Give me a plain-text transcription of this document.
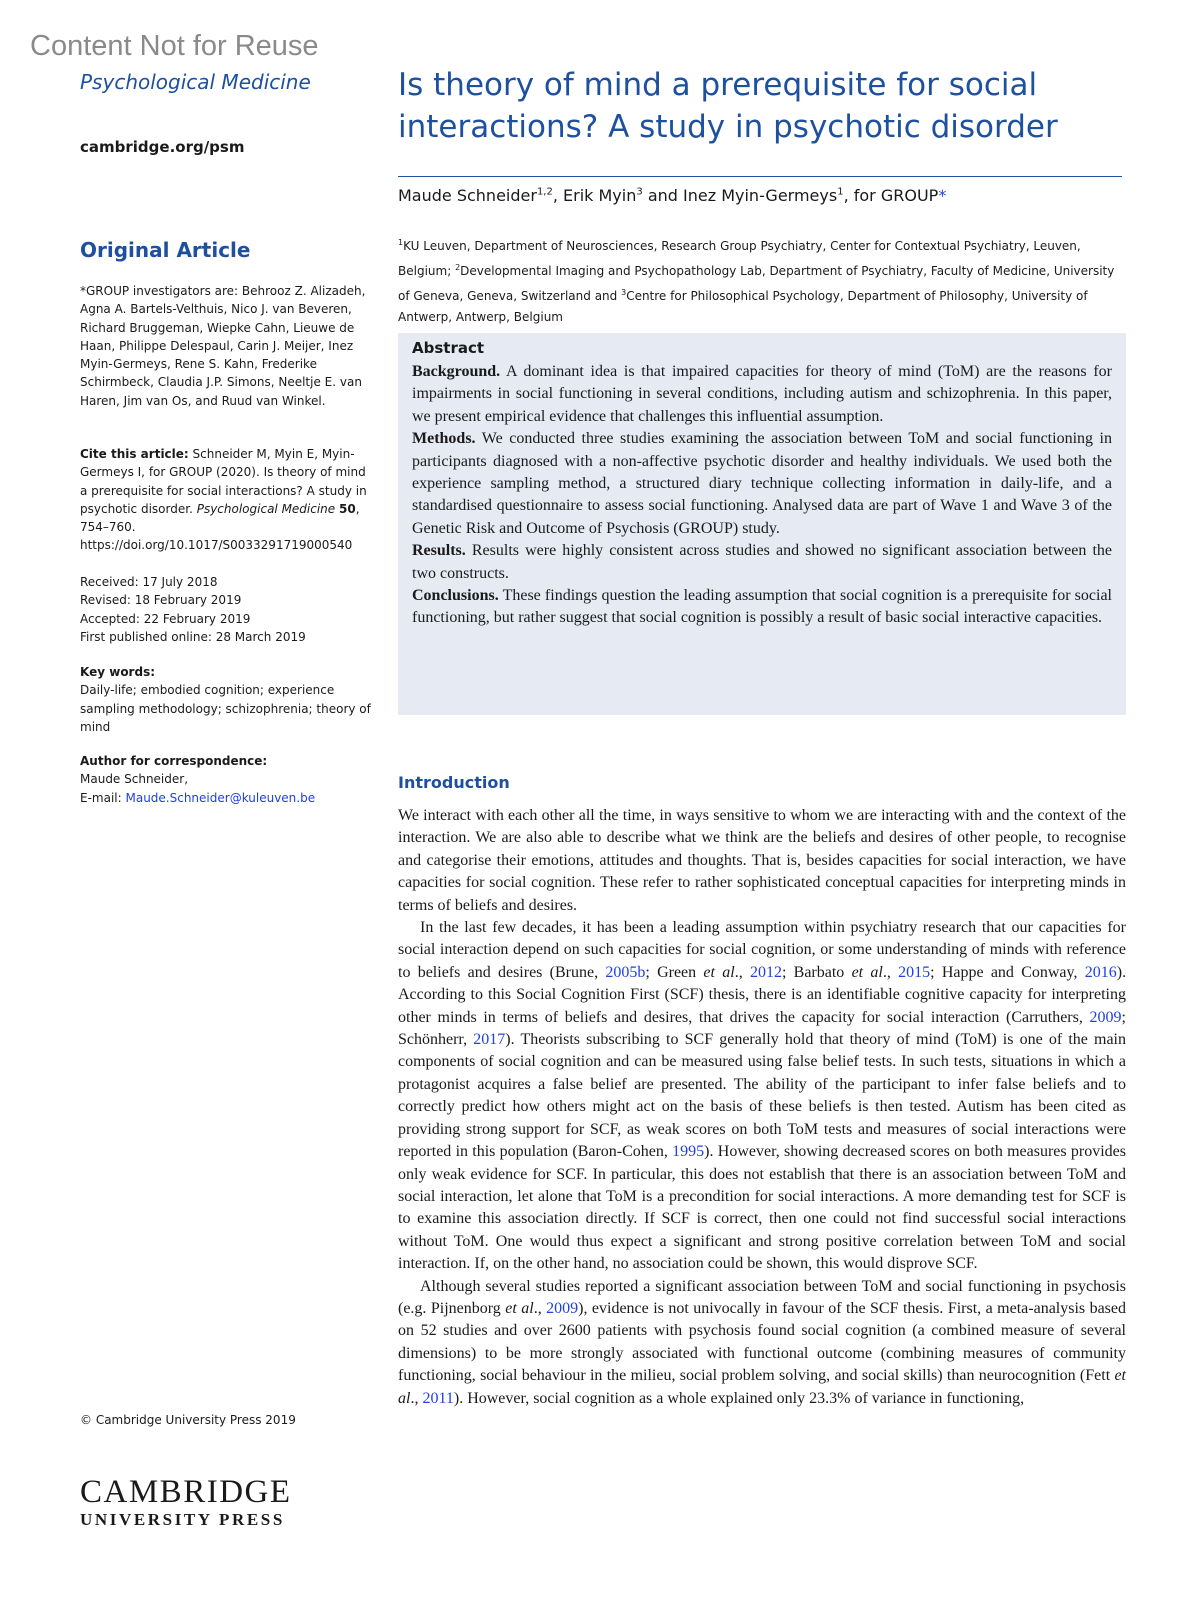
Content Not for Reuse
Psychological Medicine
cambridge.org/psm
Is theory of mind a prerequisite for social interactions? A study in psychotic disorder
Maude Schneider$^{1,2}$, Erik Myin$^3$ and Inez Myin-Germeys$^1$, for GROUP*
$^1$KU Leuven, Department of Neurosciences, Research Group Psychiatry, Center for Contextual Psychiatry, Leuven, Belgium; $^2$Developmental Imaging and Psychopathology Lab, Department of Psychiatry, Faculty of Medicine, University of Geneva, Geneva, Switzerland and $^3$Centre for Philosophical Psychology, Department of Philosophy, University of Antwerp, Antwerp, Belgium
Abstract

Background. A dominant idea is that impaired capacities for theory of mind (ToM) are the reasons for impairments in social functioning in several conditions, including autism and schizophrenia. In this paper, we present empirical evidence that challenges this influential assumption.

Methods. We conducted three studies examining the association between ToM and social functioning in participants diagnosed with a non-affective psychotic disorder and healthy individuals. We used both the experience sampling method, a structured diary technique collecting information in daily-life, and a standardised questionnaire to assess social functioning. Analysed data are part of Wave 1 and Wave 3 of the Genetic Risk and Outcome of Psychosis (GROUP) study.

Results. Results were highly consistent across studies and showed no significant association between the two constructs.

Conclusions. These findings question the leading assumption that social cognition is a prerequisite for social functioning, but rather suggest that social cognition is possibly a result of basic social interactive capacities.

Original Article
*GROUP investigators are: Behrooz Z. Alizadeh, Agna A. Bartels-Velthuis, Nico J. van Beveren, Richard Bruggeman, Wiepke Cahn, Lieuwe de Haan, Philippe Delespaul, Carin J. Meijer, Inez Myin-Germeys, Rene S. Kahn, Frederike Schirmbeck, Claudia J.P. Simons, Neeltje E. van Haren, Jim van Os, and Ruud van Winkel.
Cite this article: Schneider M, Myin E, Myin-Germeys I, for GROUP (2020). Is theory of mind a prerequisite for social interactions? A study in psychotic disorder. Psychological Medicine 50, 754–760. https://doi.org/10.1017/S0033291719000540
Received: 17 July 2018
Revised: 18 February 2019
Accepted: 22 February 2019
First published online: 28 March 2019
Key words:
Daily-life; embodied cognition; experience sampling methodology; schizophrenia; theory of mind
Author for correspondence:
Maude Schneider,
E-mail: Maude.Schneider@kuleuven.be
© Cambridge University Press 2019
CAMBRIDGE
UNIVERSITY PRESS
Introduction

We interact with each other all the time, in ways sensitive to whom we are interacting with and the context of the interaction. We are also able to describe what we think are the beliefs and desires of other people, to recognise and categorise their emotions, attitudes and thoughts. That is, besides capacities for social interaction, we have capacities for social cognition. These refer to rather sophisticated conceptual capacities for interpreting minds in terms of beliefs and desires.

In the last few decades, it has been a leading assumption within psychiatry research that our capacities for social interaction depend on such capacities for social cognition, or some understanding of minds with reference to beliefs and desires (Brune, 2005b; Green et al., 2012; Barbato et al., 2015; Happe and Conway, 2016). According to this Social Cognition First (SCF) thesis, there is an identifiable cognitive capacity for interpreting other minds in terms of beliefs and desires, that drives the capacity for social interaction (Carruthers, 2009; Schönherr, 2017). Theorists subscribing to SCF generally hold that theory of mind (ToM) is one of the main components of social cognition and can be measured using false belief tests. In such tests, situations in which a protagonist acquires a false belief are presented. The ability of the participant to infer false beliefs and to correctly predict how others might act on the basis of these beliefs is then tested. Autism has been cited as providing strong support for SCF, as weak scores on both ToM tests and measures of social interactions were reported in this population (Baron-Cohen, 1995). However, showing decreased scores on both measures provides only weak evidence for SCF. In particular, this does not establish that there is an association between ToM and social interaction, let alone that ToM is a precondition for social interactions. A more demanding test for SCF is to examine this association directly. If SCF is correct, then one could not find successful social interactions without ToM. One would thus expect a significant and strong positive correlation between ToM and social interaction. If, on the other hand, no association could be shown, this would disprove SCF.

Although several studies reported a significant association between ToM and social functioning in psychosis (e.g. Pijnenborg et al., 2009), evidence is not univocally in favour of the SCF thesis. First, a meta-analysis based on 52 studies and over 2600 patients with psychosis found social cognition (a combined measure of several dimensions) to be more strongly associated with functional outcome (combining measures of community functioning, social behaviour in the milieu, social problem solving, and social skills) than neurocognition (Fett et al., 2011). However, social cognition as a whole explained only 23.3% of variance in functioning,
